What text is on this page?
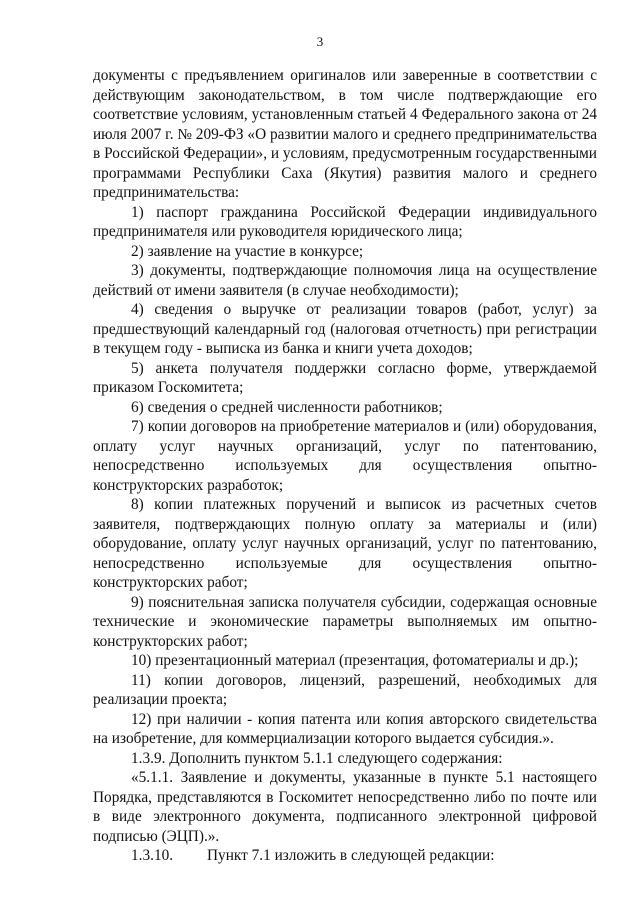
3

документы с предъявлением оригиналов или заверенные в соответствии с действующим законодательством, в том числе подтверждающие его соответствие условиям, установленным статьей 4 Федерального закона от 24 июля 2007 г. № 209-ФЗ «О развитии малого и среднего предпринимательства в Российской Федерации», и условиям, предусмотренным государственными программами Республики Саха (Якутия) развития малого и среднего предпринимательства:

1) паспорт гражданина Российской Федерации индивидуального предпринимателя или руководителя юридического лица;

2) заявление на участие в конкурсе;

3) документы, подтверждающие полномочия лица на осуществление действий от имени заявителя (в случае необходимости);

4) сведения о выручке от реализации товаров (работ, услуг) за предшествующий календарный год (налоговая отчетность) при регистрации в текущем году - выписка из банка и книги учета доходов;

5) анкета получателя поддержки согласно форме, утверждаемой приказом Госкомитета;

6) сведения о средней численности работников;

7) копии договоров на приобретение материалов и (или) оборудования, оплату услуг научных организаций, услуг по патентованию, непосредственно используемых для осуществления опытно-конструкторских разработок;

8) копии платежных поручений и выписок из расчетных счетов заявителя, подтверждающих полную оплату за материалы и (или) оборудование, оплату услуг научных организаций, услуг по патентованию, непосредственно используемые для осуществления опытно-конструкторских работ;

9) пояснительная записка получателя субсидии, содержащая основные технические и экономические параметры выполняемых им опытно-конструкторских работ;

10) презентационный материал (презентация, фотоматериалы и др.);

11) копии договоров, лицензий, разрешений, необходимых для реализации проекта;

12) при наличии - копия патента или копия авторского свидетельства на изобретение, для коммерциализации которого выдается субсидия.».

1.3.9. Дополнить пунктом 5.1.1 следующего содержания:

«5.1.1. Заявление и документы, указанные в пункте 5.1 настоящего Порядка, представляются в Госкомитет непосредственно либо по почте или в виде электронного документа, подписанного электронной цифровой подписью (ЭЦП).».

1.3.10. Пункт 7.1 изложить в следующей редакции:
